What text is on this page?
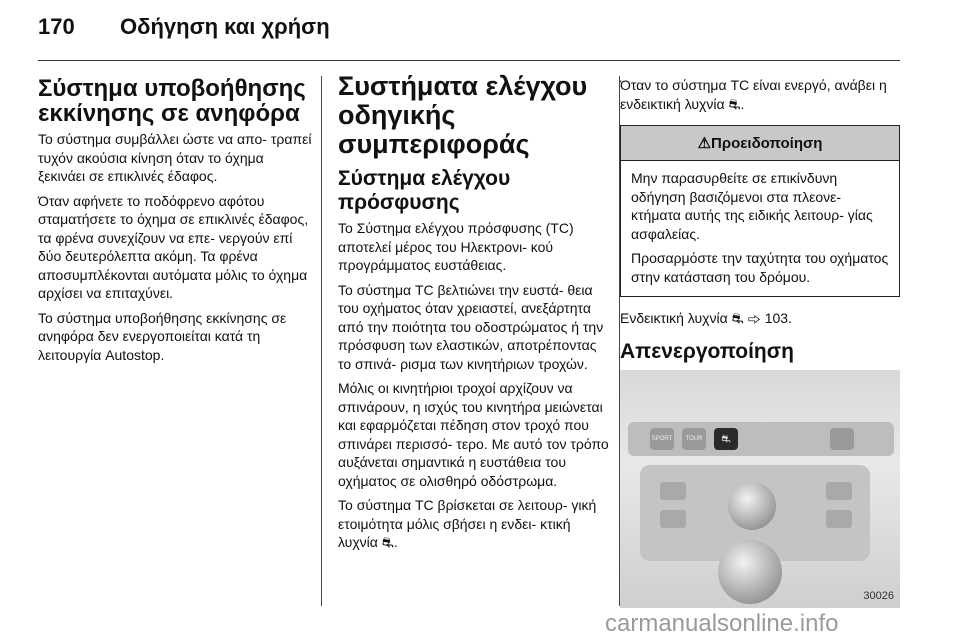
170 Οδήγηση και χρήση
Σύστημα υποβοήθησης εκκίνησης σε ανηφόρα

Το σύστημα συμβάλλει ώστε να απο- τραπεί τυχόν ακούσια κίνηση όταν το όχημα ξεκινάει σε επικλινές έδαφος.

Όταν αφήνετε το ποδόφρενο αφότου σταματήσετε το όχημα σε επικλινές έδαφος, τα φρένα συνεχίζουν να επε- νεργούν επί δύο δευτερόλεπτα ακόμη. Τα φρένα αποσυμπλέκονται αυτόματα μόλις το όχημα αρχίσει να επιταχύνει.

Το σύστημα υποβοήθησης εκκίνησης σε ανηφόρα δεν ενεργοποιείται κατά τη λειτουργία Autostop.

Συστήματα ελέγχου οδηγικής συμπεριφοράς
Σύστημα ελέγχου πρόσφυσης

Το Σύστημα ελέγχου πρόσφυσης (TC) αποτελεί μέρος του Ηλεκτρονι- κού προγράμματος ευστάθειας.

Το σύστημα TC βελτιώνει την ευστά- θεια του οχήματος όταν χρειαστεί, ανεξάρτητα από την ποιότητα του οδοστρώματος ή την πρόσφυση των ελαστικών, αποτρέποντας το σπινά- ρισμα των κινητήριων τροχών.

Μόλις οι κινητήριοι τροχοί αρχίζουν να σπινάρουν, η ισχύς του κινητήρα μειώνεται και εφαρμόζεται πέδηση στον τροχό που σπινάρει περισσό- τερο. Με αυτό τον τρόπο αυξάνεται σημαντικά η ευστάθεια του οχήματος σε ολισθηρό οδόστρωμα.

Το σύστημα TC βρίσκεται σε λειτουρ- γική ετοιμότητα μόλις σβήσει η ενδει- κτική λυχνία ⛐.

Όταν το σύστημα TC είναι ενεργό, ανάβει η ενδεικτική λυχνία ⛐.

⚠Προειδοποίηση

Μην παρασυρθείτε σε επικίνδυνη οδήγηση βασιζόμενοι στα πλεονε- κτήματα αυτής της ειδικής λειτουρ- γίας ασφαλείας.

Προσαρμόστε την ταχύτητα του οχήματος στην κατάσταση του δρόμου.

Ενδεικτική λυχνία ⛐ ⇨ 103.

Απενεργοποίηση
SPORT	TOUR	⛐
30026
carmanualsonline.info
